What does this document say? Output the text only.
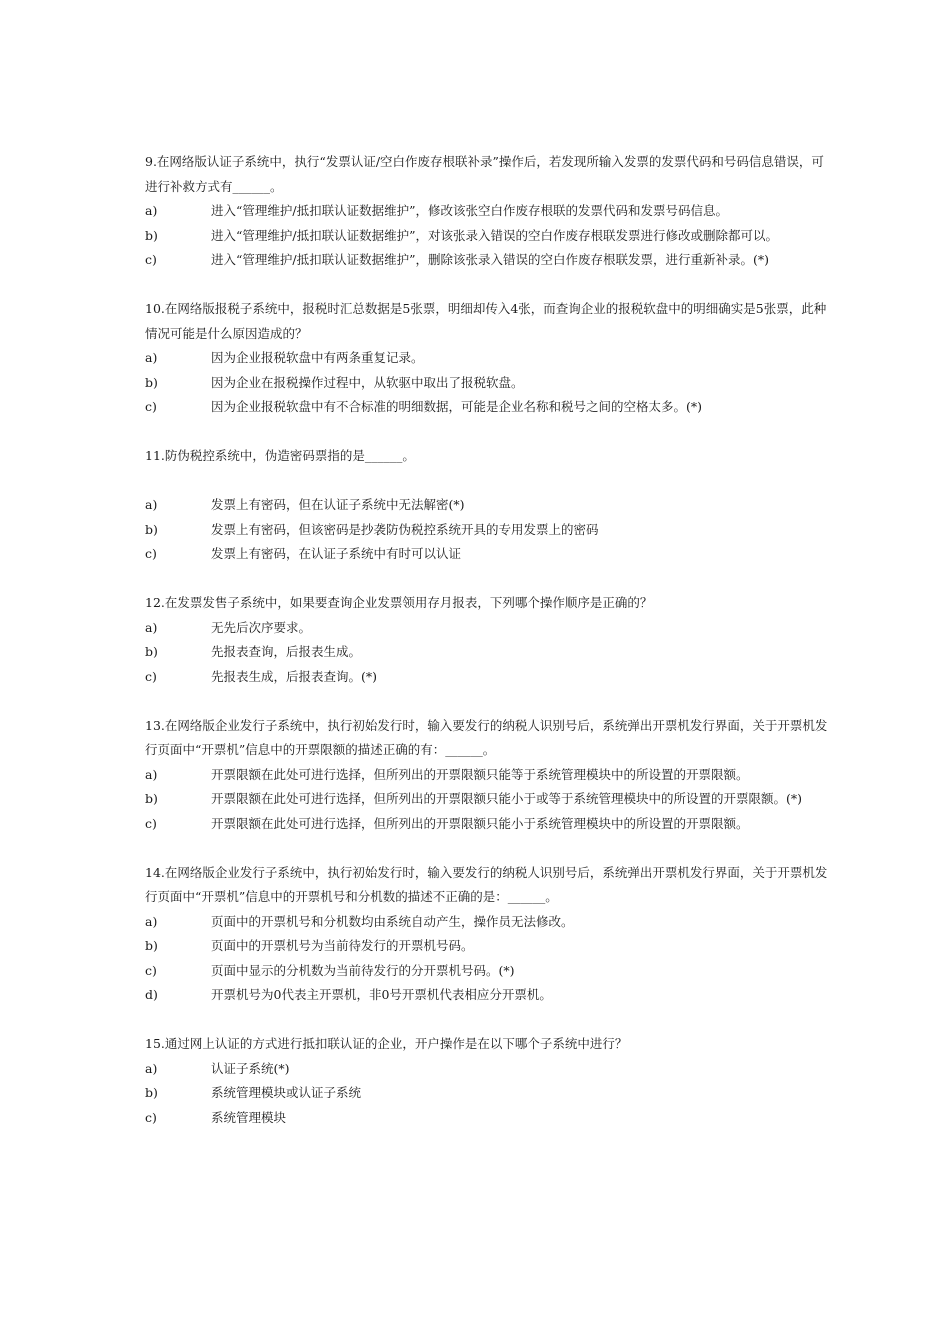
9.在网络版认证子系统中，执行“发票认证/空白作废存根联补录”操作后，若发现所输入发票的发票代码和号码信息错误，可进行补救方式有______。

a)	进入“管理维护/抵扣联认证数据维护”，修改该张空白作废存根联的发票代码和发票号码信息。
b)	进入“管理维护/抵扣联认证数据维护”，对该张录入错误的空白作废存根联发票进行修改或删除都可以。
c)	进入“管理维护/抵扣联认证数据维护”，删除该张录入错误的空白作废存根联发票，进行重新补录。(*)

10.在网络版报税子系统中，报税时汇总数据是5张票，明细却传入4张，而查询企业的报税软盘中的明细确实是5张票，此种情况可能是什么原因造成的？

a)	因为企业报税软盘中有两条重复记录。
b)	因为企业在报税操作过程中，从软驱中取出了报税软盘。
c)	因为企业报税软盘中有不合标准的明细数据，可能是企业名称和税号之间的空格太多。(*)

11.防伪税控系统中，伪造密码票指的是______。

a)	发票上有密码，但在认证子系统中无法解密(*)
b)	发票上有密码，但该密码是抄袭防伪税控系统开具的专用发票上的密码
c)	发票上有密码，在认证子系统中有时可以认证

12.在发票发售子系统中，如果要查询企业发票领用存月报表，下列哪个操作顺序是正确的？

a)	无先后次序要求。
b)	先报表查询，后报表生成。
c)	先报表生成，后报表查询。(*)

13.在网络版企业发行子系统中，执行初始发行时，输入要发行的纳税人识别号后，系统弹出开票机发行界面，关于开票机发行页面中“开票机”信息中的开票限额的描述正确的有：______。

a)	开票限额在此处可进行选择，但所列出的开票限额只能等于系统管理模块中的所设置的开票限额。
b)	开票限额在此处可进行选择，但所列出的开票限额只能小于或等于系统管理模块中的所设置的开票限额。(*)
c)	开票限额在此处可进行选择，但所列出的开票限额只能小于系统管理模块中的所设置的开票限额。

14.在网络版企业发行子系统中，执行初始发行时，输入要发行的纳税人识别号后，系统弹出开票机发行界面，关于开票机发行页面中“开票机”信息中的开票机号和分机数的描述不正确的是：______。

a)	页面中的开票机号和分机数均由系统自动产生，操作员无法修改。
b)	页面中的开票机号为当前待发行的开票机号码。
c)	页面中显示的分机数为当前待发行的分开票机号码。(*)
d)	开票机号为0代表主开票机，非0号开票机代表相应分开票机。

15.通过网上认证的方式进行抵扣联认证的企业，开户操作是在以下哪个子系统中进行？

a)	认证子系统(*)
b)	系统管理模块或认证子系统
c)	系统管理模块
